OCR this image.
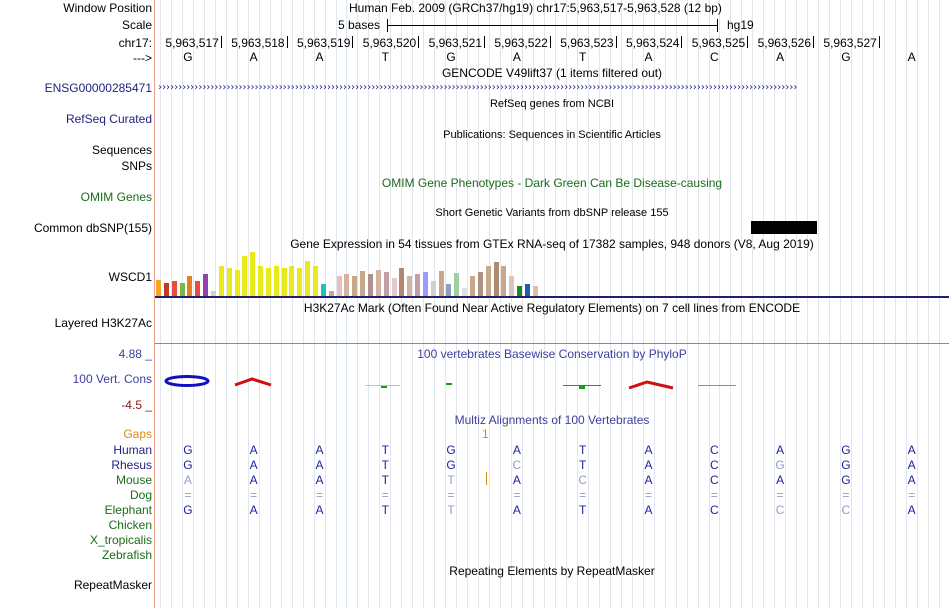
Window Position	Human Feb. 2009 (GRCh37/hg19) chr17:5,963,517-5,963,528 (12 bp)
Scale	5 bases	hg19
chr17:	5,963,517	5,963,518	5,963,519	5,963,520	5,963,521	5,963,522	5,963,523	5,963,524	5,963,525	5,963,526	5,963,527
--->	G	A	A	T	G	A	T	A	C	A	G	A
GENCODE V49lift37 (1 items filtered out)
ENSG00000285471 ›››››››››››››››››››››››››››››››››››››››››››››››››››››››››››››››››››››››››››››››››››››››››››››››››››››››››››››››››››››››››››››››››››››››››››››››››››››››››››››››
RefSeq genes from NCBI
RefSeq Curated
Publications: Sequences in Scientific Articles
Sequences
SNPs
OMIM Gene Phenotypes - Dark Green Can Be Disease-causing
OMIM Genes
Short Genetic Variants from dbSNP release 155
Common dbSNP(155)
Gene Expression in 54 tissues from GTEx RNA-seq of 17382 samples, 948 donors (V8, Aug 2019)
WSCD1
H3K27Ac Mark (Often Found Near Active Regulatory Elements) on 7 cell lines from ENCODE
Layered H3K27Ac
4.88 _	100 vertebrates Basewise Conservation by PhyloP
100 Vert. Cons
-4.5 _
Multiz Alignments of 100 Vertebrates
Gaps	1
Human	G	A	A	T	G	A	T	A	C	A	G	A
Rhesus	G	A	A	T	G	C	T	A	C	G	G	A
Mouse	A	A	A	T	T	A	C	A	C	A	G	A
Dog	=	=	=	=	=	=	=	=	=	=	=	=
Elephant	G	A	A	T	T	A	T	A	C	C	C	A
Chicken
X_tropicalis
Zebrafish
Repeating Elements by RepeatMasker
RepeatMasker
